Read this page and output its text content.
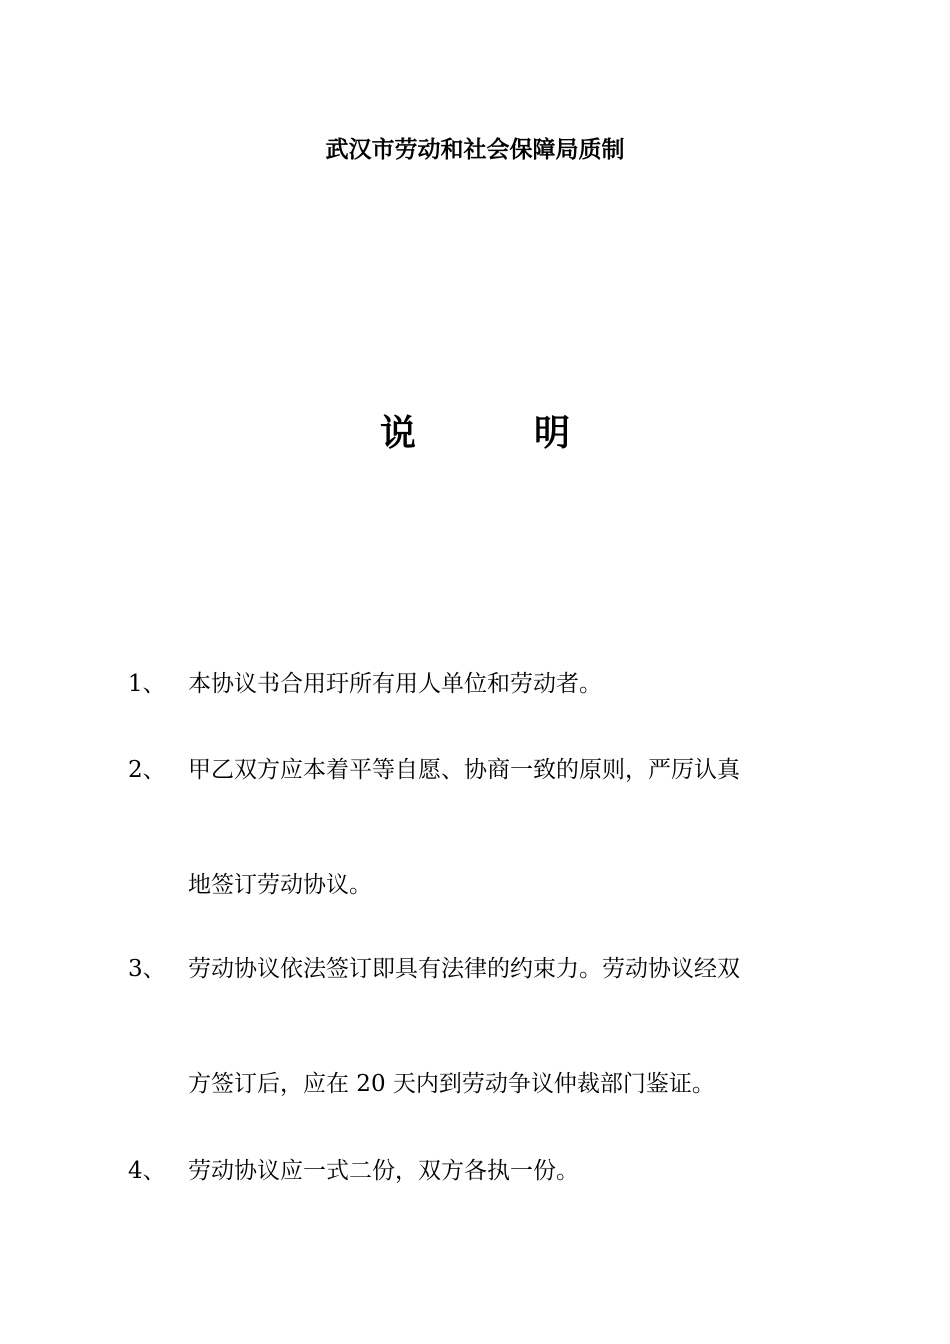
武汉市劳动和社会保障局质制
说	明
1、 本协议书合用玗所有用人单位和劳动者。
2、 甲乙双方应本着平等自愿、协商一致的原则，严厉认真
地签订劳动协议。
3、 劳动协议依法签订即具有法律的约束力。劳动协议经双
方签订后，应在 20 天内到劳动争议仲裁部门鉴证。
4、 劳动协议应一式二份，双方各执一份。
